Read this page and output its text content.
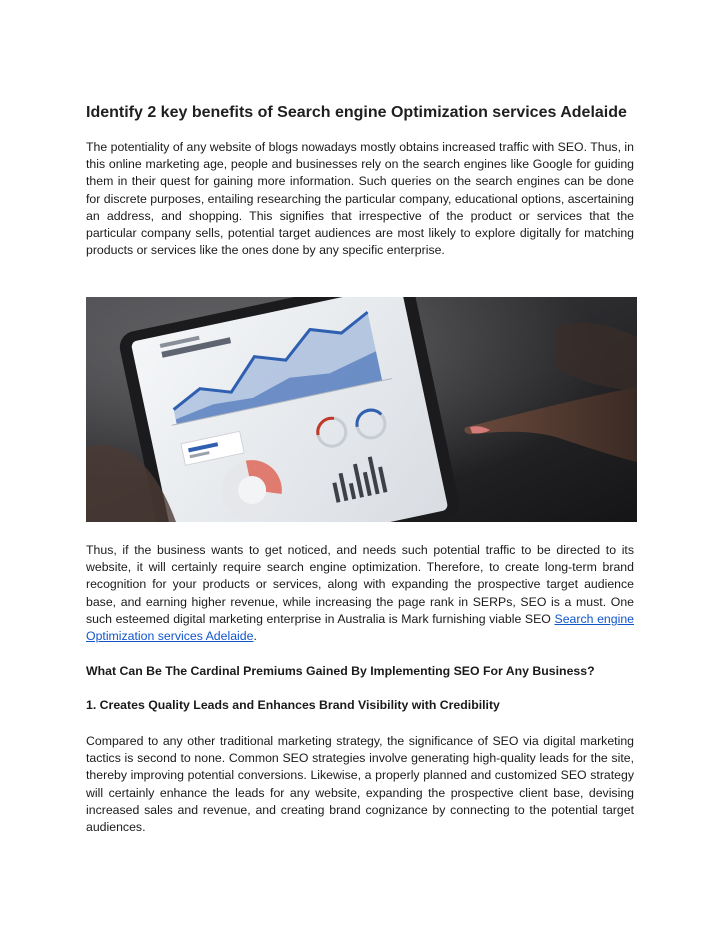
Identify 2 key benefits of Search engine Optimization services Adelaide

The potentiality of any website of blogs nowadays mostly obtains increased traffic with SEO. Thus, in this online marketing age, people and businesses rely on the search engines like Google for guiding them in their quest for gaining more information. Such queries on the search engines can be done for discrete purposes, entailing researching the particular company, educational options, ascertaining an address, and shopping. This signifies that irrespective of the product or services that the particular company sells, potential target audiences are most likely to explore digitally for matching products or services like the ones done by any specific enterprise.

Thus, if the business wants to get noticed, and needs such potential traffic to be directed to its website, it will certainly require search engine optimization. Therefore, to create long-term brand recognition for your products or services, along with expanding the prospective target audience base, and earning higher revenue, while increasing the page rank in SERPs, SEO is a must. One such esteemed digital marketing enterprise in Australia is Mark furnishing viable SEO Search engine Optimization services Adelaide.

What Can Be The Cardinal Premiums Gained By Implementing SEO For Any Business?

1. Creates Quality Leads and Enhances Brand Visibility with Credibility

Compared to any other traditional marketing strategy, the significance of SEO via digital marketing tactics is second to none. Common SEO strategies involve generating high-quality leads for the site, thereby improving potential conversions. Likewise, a properly planned and customized SEO strategy will certainly enhance the leads for any website, expanding the prospective client base, devising increased sales and revenue, and creating brand cognizance by connecting to the potential target audiences.
